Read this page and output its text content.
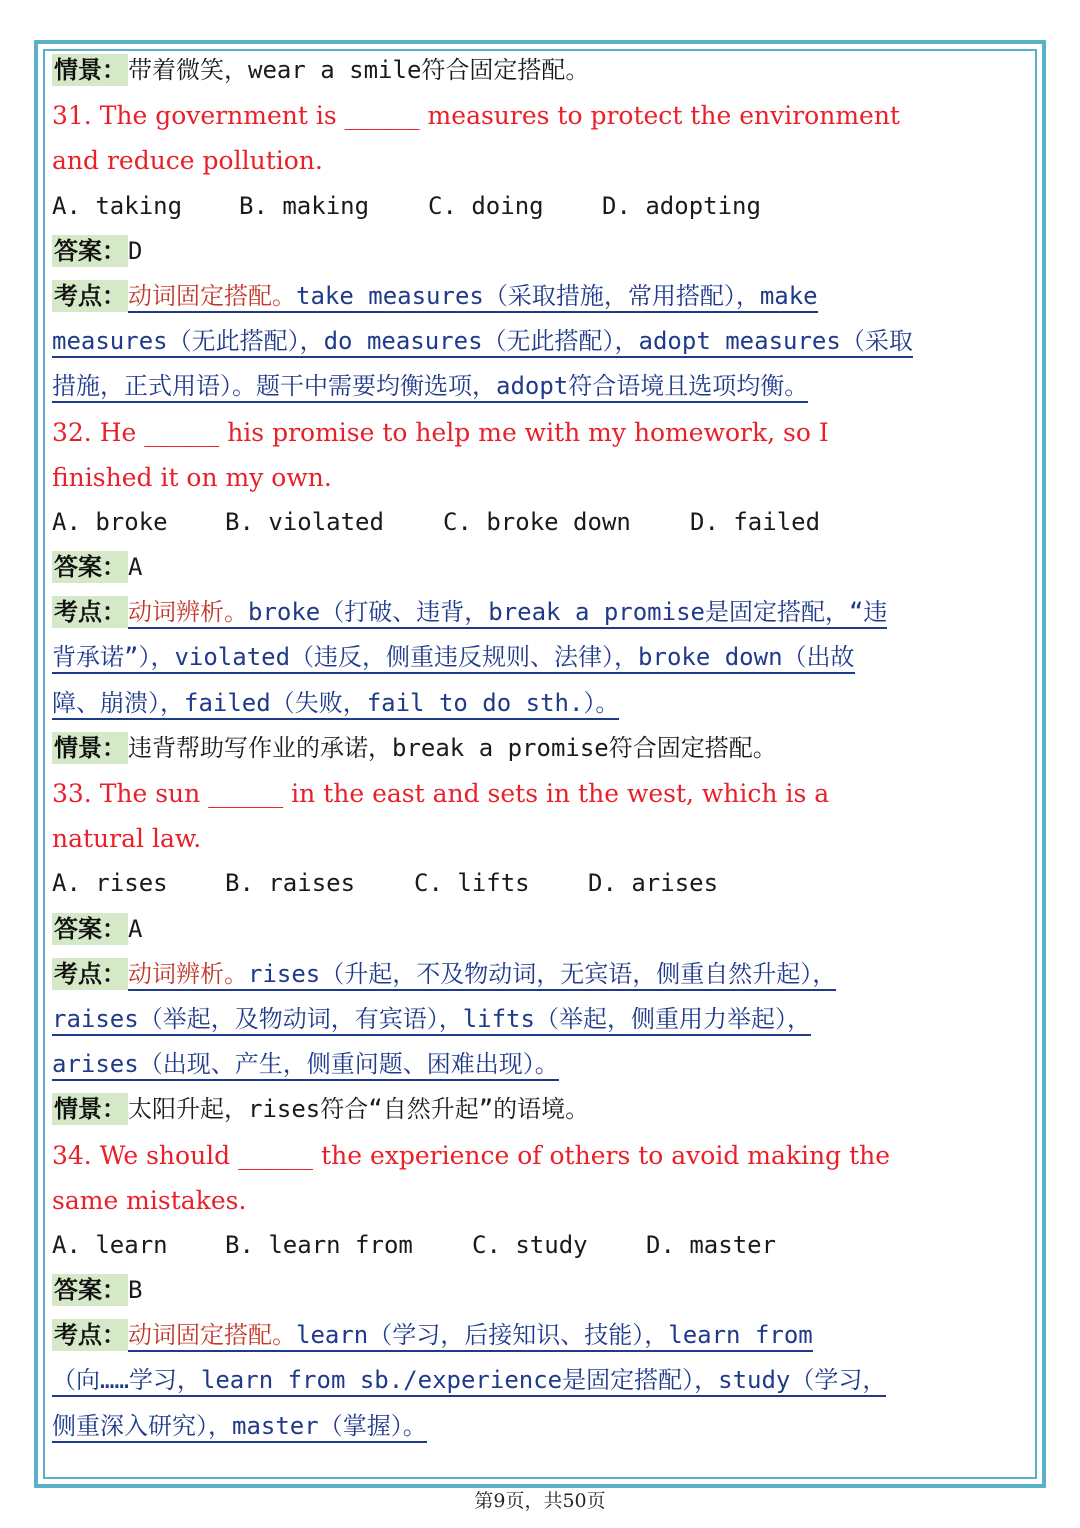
情景：带着微笑，wear a smile符合固定搭配。
31. The government is ______ measures to protect the environment
and reduce pollution.
A. taking B. making C. doing D. adopting
答案：D
考点：动词固定搭配。take measures（采取措施，常用搭配），make
measures（无此搭配），do measures（无此搭配），adopt measures（采取
措施，正式用语）。题干中需要均衡选项，adopt符合语境且选项均衡。
32. He ______ his promise to help me with my homework, so I
finished it on my own.
A. broke B. violated C. broke down D. failed
答案：A
考点：动词辨析。broke（打破、违背，break a promise是固定搭配，“违
背承诺”），violated（违反，侧重违反规则、法律），broke down（出故
障、崩溃），failed（失败，fail to do sth.）。
情景：违背帮助写作业的承诺，break a promise符合固定搭配。
33. The sun ______ in the east and sets in the west, which is a
natural law.
A. rises B. raises C. lifts D. arises
答案：A
考点：动词辨析。rises（升起，不及物动词，无宾语，侧重自然升起），
raises（举起，及物动词，有宾语），lifts（举起，侧重用力举起），
arises（出现、产生，侧重问题、困难出现）。
情景：太阳升起，rises符合“自然升起”的语境。
34. We should ______ the experience of others to avoid making the
same mistakes.
A. learn B. learn from C. study D. master
答案：B
考点：动词固定搭配。learn（学习，后接知识、技能），learn from
（向……学习，learn from sb./experience是固定搭配），study（学习，
侧重深入研究），master（掌握）。
第9页，共50页
